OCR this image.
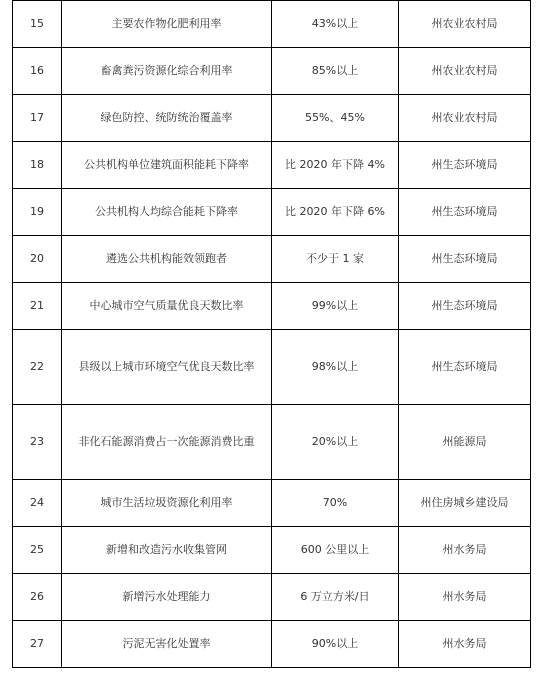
15	主要农作物化肥利用率	43%以上	州农业农村局
16	畜禽粪污资源化综合利用率	85%以上	州农业农村局
17	绿色防控、统防统治覆盖率	55%、45%	州农业农村局
18	公共机构单位建筑面积能耗下降率	比 2020 年下降 4%	州生态环境局
19	公共机构人均综合能耗下降率	比 2020 年下降 6%	州生态环境局
20	遴选公共机构能效领跑者	不少于 1 家	州生态环境局
21	中心城市空气质量优良天数比率	99%以上	州生态环境局
22	县级以上城市环境空气优良天数比率	98%以上	州生态环境局
23	非化石能源消费占一次能源消费比重	20%以上	州能源局
24	城市生活垃圾资源化利用率	70%	州住房城乡建设局
25	新增和改造污水收集管网	600 公里以上	州水务局
26	新增污水处理能力	6 万立方米/日	州水务局
27	污泥无害化处置率	90%以上	州水务局
